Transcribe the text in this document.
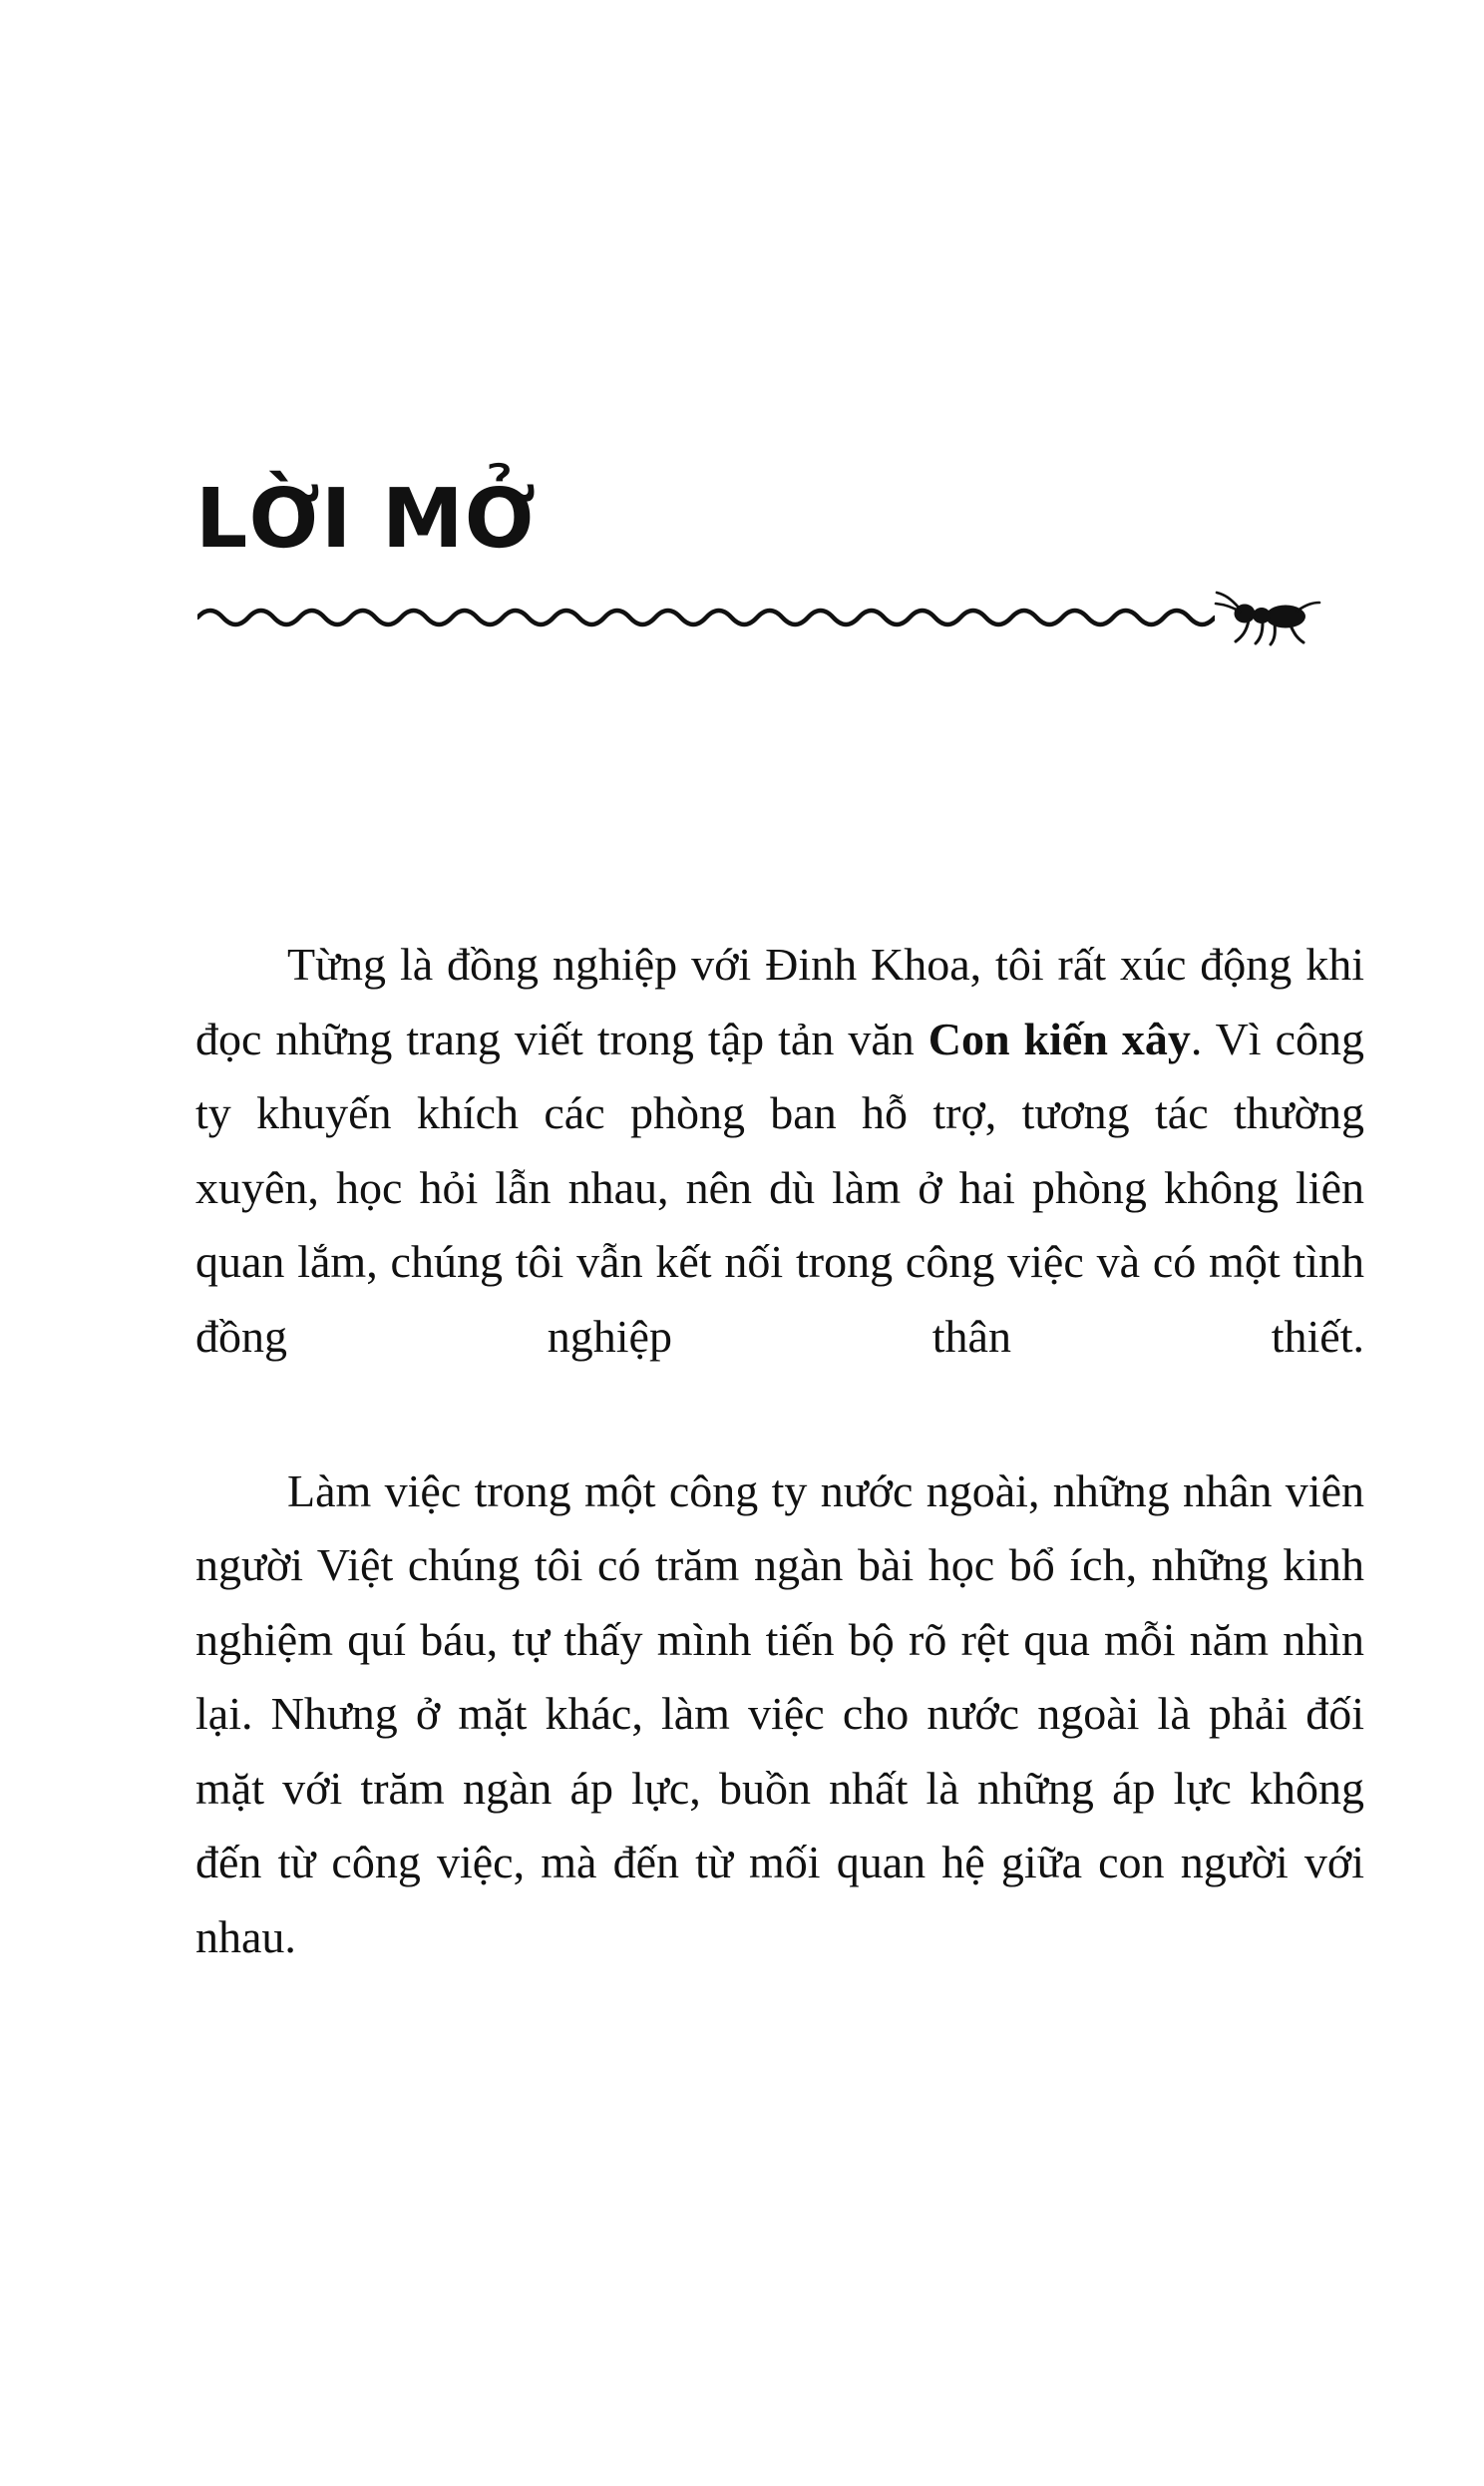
LỜI MỞ

Từng là đồng nghiệp với Đinh Khoa, tôi rất xúc động khi đọc những trang viết trong tập tản văn Con kiến xây. Vì công ty khuyến khích các phòng ban hỗ trợ, tương tác thường xuyên, học hỏi lẫn nhau, nên dù làm ở hai phòng không liên quan lắm, chúng tôi vẫn kết nối trong công việc và có một tình đồng nghiệp thân thiết.

Làm việc trong một công ty nước ngoài, những nhân viên người Việt chúng tôi có trăm ngàn bài học bổ ích, những kinh nghiệm quí báu, tự thấy mình tiến bộ rõ rệt qua mỗi năm nhìn lại. Nhưng ở mặt khác, làm việc cho nước ngoài là phải đối mặt với trăm ngàn áp lực, buồn nhất là những áp lực không đến từ công việc, mà đến từ mối quan hệ giữa con người với nhau.
